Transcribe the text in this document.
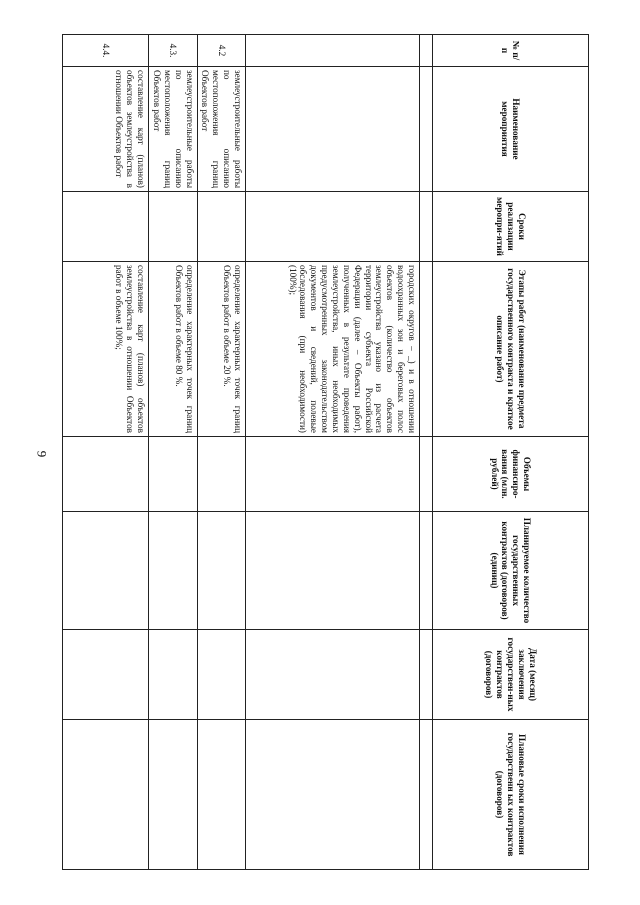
9
№ п/п	Наименование мероприятия	Сроки реализации меропри-ятий	Этапы работ (наименование предмета государственного контракта и краткое описание работ)	Объемы финансиро-вания (млн. рублей)	Планируемое количество государственных контрактов (договоров) (единиц)	Дата (месяц) заключения государствен-ных контрактов (договоров)	Плановые сроки исполнения государственн ых контрактов (договоров)

			городских округов – _) и в отношении водоохранных зон и береговых полос объектов (количество объектов землеустройства указано из расчета территории субъекта Российской Федерации (далее – Объекты работ), полученных в результате проведения землеустройства, иных необходимых предусмотренных законодательством документов и сведений, полевые обследования (при необходимости) (100%);				
4.2	землеустроительные работы по описанию местоположения границ Объектов работ		определение характерных точек границ Объектов работ в объеме 20 %.				
4.3.	землеустроительные работы по описанию местоположения границ Объектов работ		определение характерных точек границ Объектов работ в объеме 80 %.				
4.4.	составление карт (планов) объектов землеустройства в отношении Объектов работ		составление карт (планов) объектов землеустройства в отношении Объектов работ в объеме 100%;				
